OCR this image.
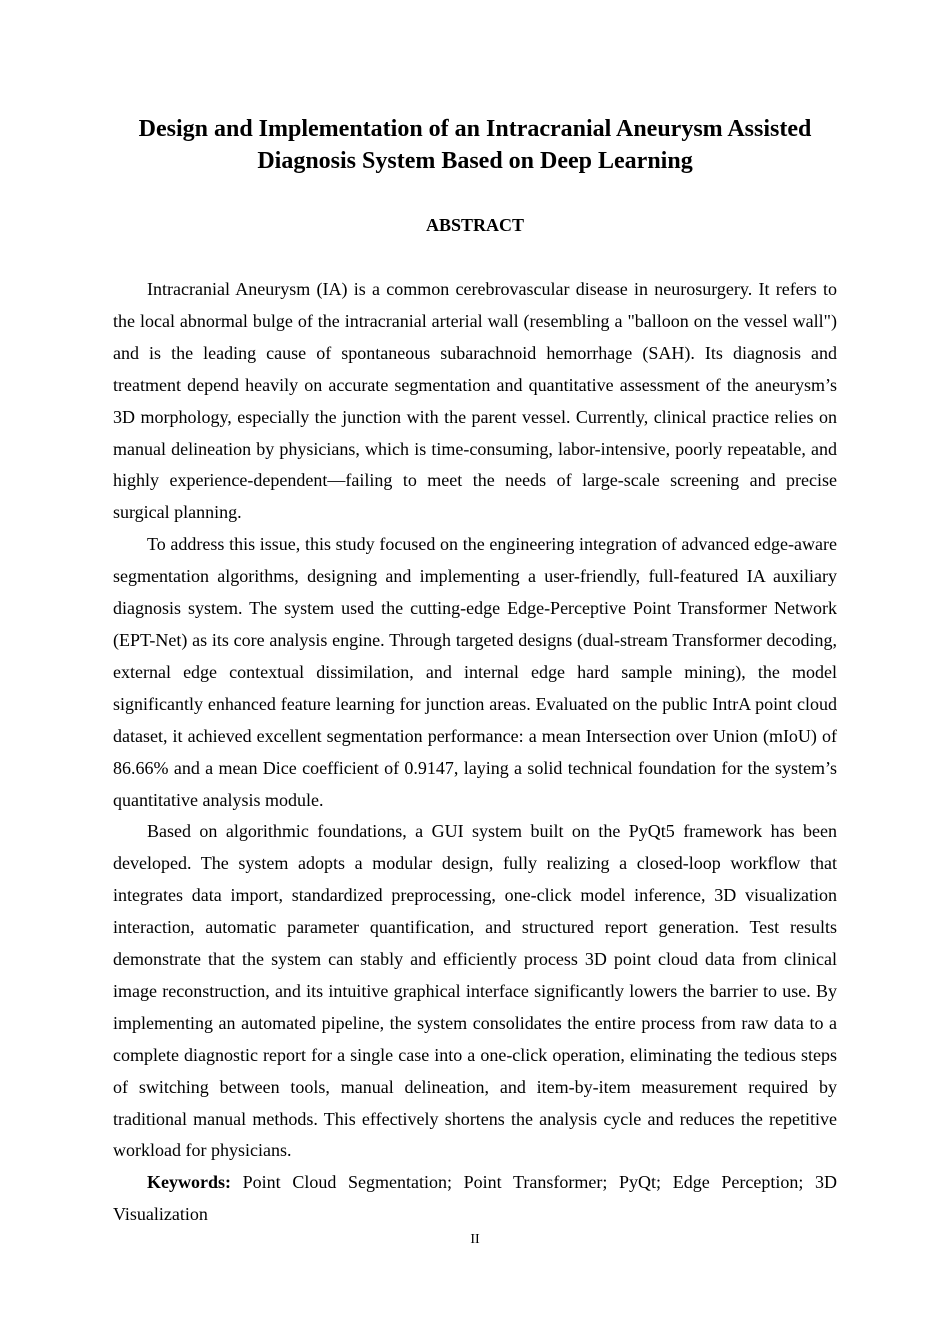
Design and Implementation of an Intracranial Aneurysm Assisted
Diagnosis System Based on Deep Learning
ABSTRACT

Intracranial Aneurysm (IA) is a common cerebrovascular disease in neurosurgery. It refers to the local abnormal bulge of the intracranial arterial wall (resembling a "balloon on the vessel wall") and is the leading cause of spontaneous subarachnoid hemorrhage (SAH). Its diagnosis and treatment depend heavily on accurate segmentation and quantitative assessment of the aneurysm’s 3D morphology, especially the junction with the parent vessel. Currently, clinical practice relies on manual delineation by physicians, which is time-consuming, labor-intensive, poorly repeatable, and highly experience-dependent—failing to meet the needs of large-scale screening and precise surgical planning.

To address this issue, this study focused on the engineering integration of advanced edge-aware segmentation algorithms, designing and implementing a user-friendly, full-featured IA auxiliary diagnosis system. The system used the cutting-edge Edge-Perceptive Point Transformer Network (EPT-Net) as its core analysis engine. Through targeted designs (dual-stream Transformer decoding, external edge contextual dissimilation, and internal edge hard sample mining), the model significantly enhanced feature learning for junction areas. Evaluated on the public IntrA point cloud dataset, it achieved excellent segmentation performance: a mean Intersection over Union (mIoU) of 86.66% and a mean Dice coefficient of 0.9147, laying a solid technical foundation for the system’s quantitative analysis module.

Based on algorithmic foundations, a GUI system built on the PyQt5 framework has been developed. The system adopts a modular design, fully realizing a closed-loop workflow that integrates data import, standardized preprocessing, one-click model inference, 3D visualization interaction, automatic parameter quantification, and structured report generation. Test results demonstrate that the system can stably and efficiently process 3D point cloud data from clinical image reconstruction, and its intuitive graphical interface significantly lowers the barrier to use. By implementing an automated pipeline, the system consolidates the entire process from raw data to a complete diagnostic report for a single case into a one-click operation, eliminating the tedious steps of switching between tools, manual delineation, and item-by-item measurement required by traditional manual methods. This effectively shortens the analysis cycle and reduces the repetitive workload for physicians.

Keywords: Point Cloud Segmentation; Point Transformer; PyQt; Edge Perception; 3D Visualization

II
